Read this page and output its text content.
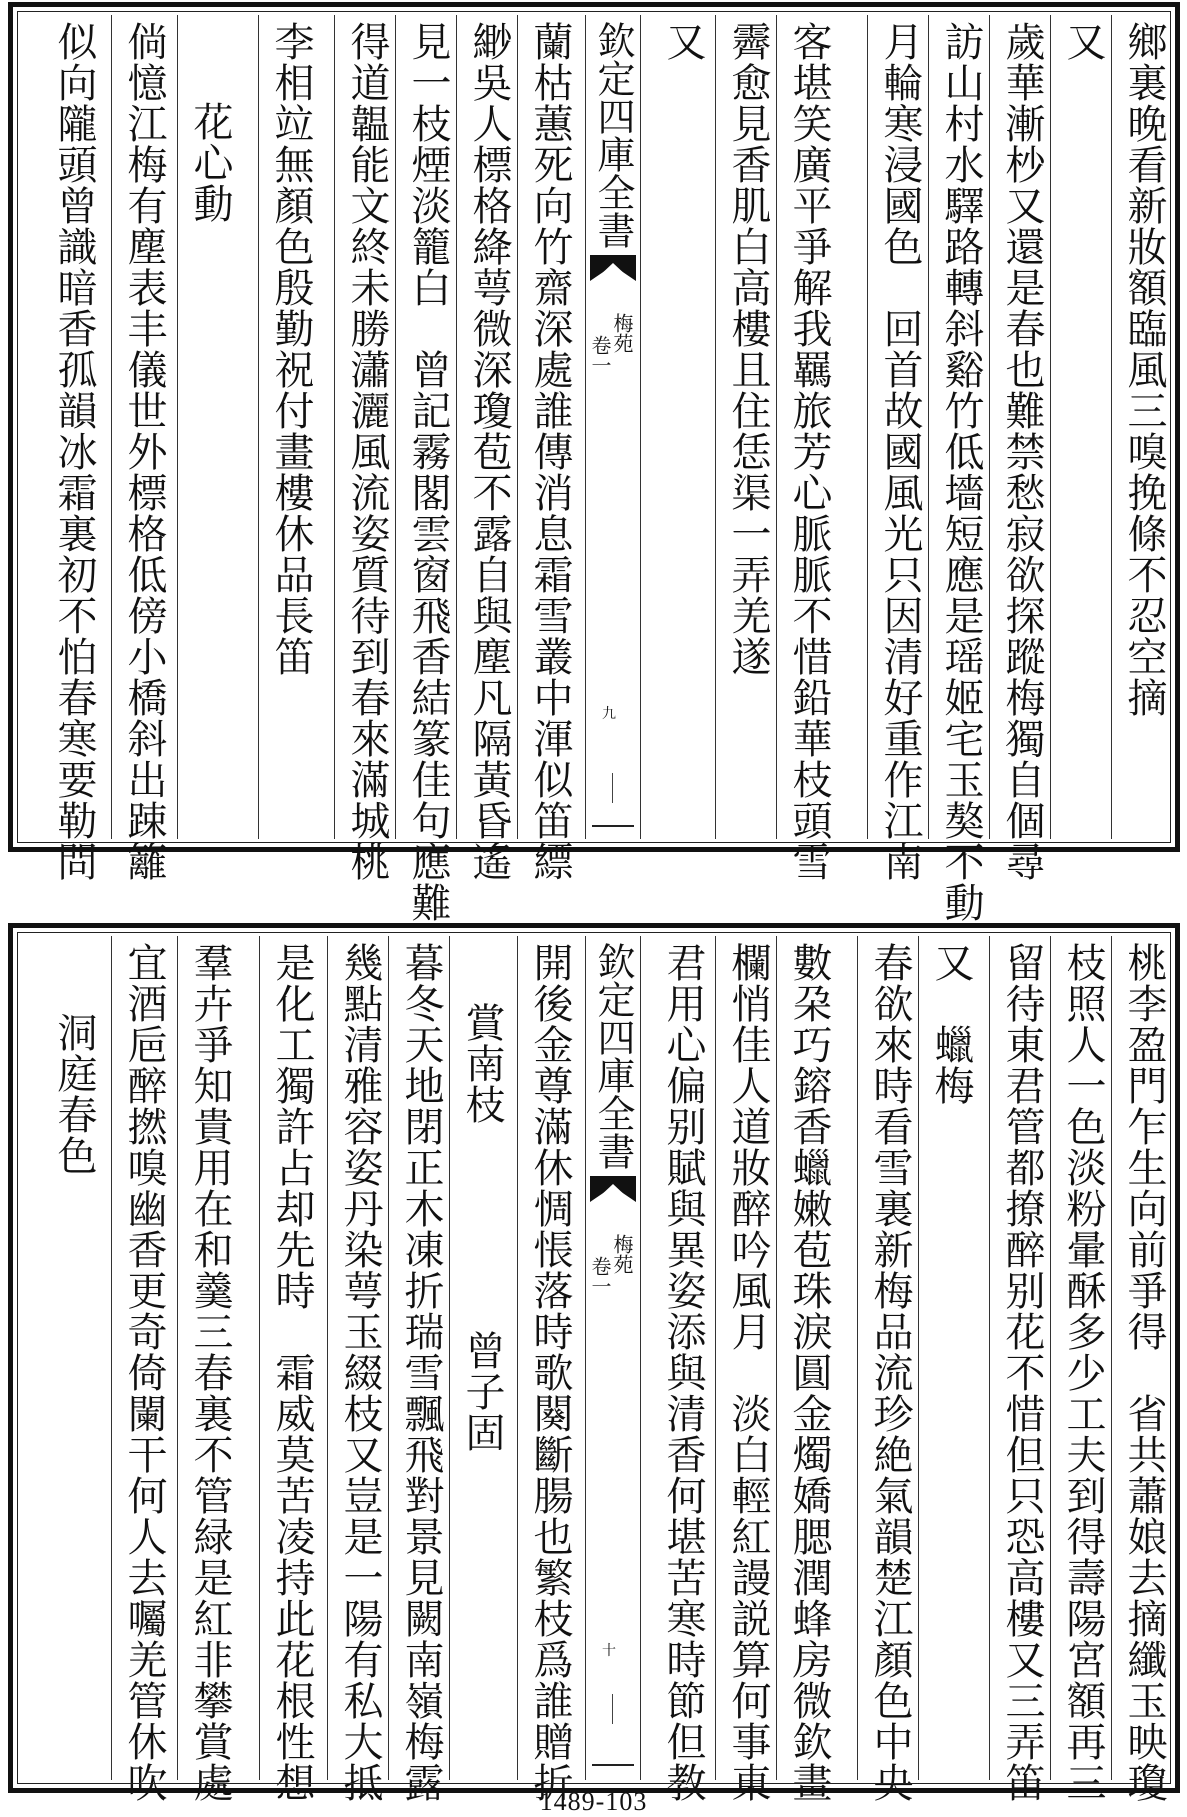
鄉裏晚看新妝額臨風三嗅挽條不忍空摘
又
歲華漸杪又還是春也難禁愁寂欲探蹤梅獨自個尋
訪山村水驛路轉斜谿竹低墻短應是瑶姬宅玉獒不動
月輪寒浸國色　回首故國風光只因清好重作江南
客堪笑廣平爭解我羈旅芳心脈脈不惜鉛華枝頭雪
霽愈見香肌白高樓且住恁渠一弄羌遂
又
欽定四庫全書
梅苑
卷一
九
蘭枯蕙死向竹齋深處誰傳消息霜雪叢中渾似笛縹
緲吳人標格絳萼微深瓊苞不露自與塵凡隔黃昏遙
見一枝煙淡籠白　曾記霧閣雲窗飛香結篆佳句應難
得道韞能文終未勝瀟灑風流姿質待到春來滿城桃
李相竝無顏色殷勤祝付畫樓休品長笛
花心動
倘憶江梅有塵表丰儀世外標格低傍小橋斜出踈籬
似向隴頭曾識暗香孤韻冰霜裏初不怕春寒要勒問
桃李盈門乍生向前爭得　省共蕭娘去摘纖玉映瓊
枝照人一色淡粉暈酥多少工夫到得壽陽宮額再三
留待東君管都撩醉别花不惜但只恐高樓又三弄笛
又　蠟梅
春欲來時看雪裏新梅品流珍絶氣韻楚江顏色中央
數朶巧鎔香蠟嫩苞珠淚圓金燭嬌腮潤蜂房微欽畫
欄悄佳人道妝醉吟風月　淡白輕紅謾説算何事東
君用心偏别賦與異姿添與清香何堪苦寒時節但教
欽定四庫全書
梅苑
卷一
十
開後金尊滿休惆悵落時歌闋斷腸也繁枝爲誰贈折
賞南枝　　　　　曾子固
暮冬天地閉正木凍折瑞雪飄飛對景見闕南嶺梅露
幾點清雅容姿丹染萼玉綴枝又豈是一陽有私大抵
是化工獨許占却先時　霜威莫苦凌持此花根性想
羣卉爭知貴用在和羹三春裏不管緑是紅非攀賞處
宜酒巵醉撚嗅幽香更奇倚闌干何人去囑羌管休吹
洞庭春色
1489-103
